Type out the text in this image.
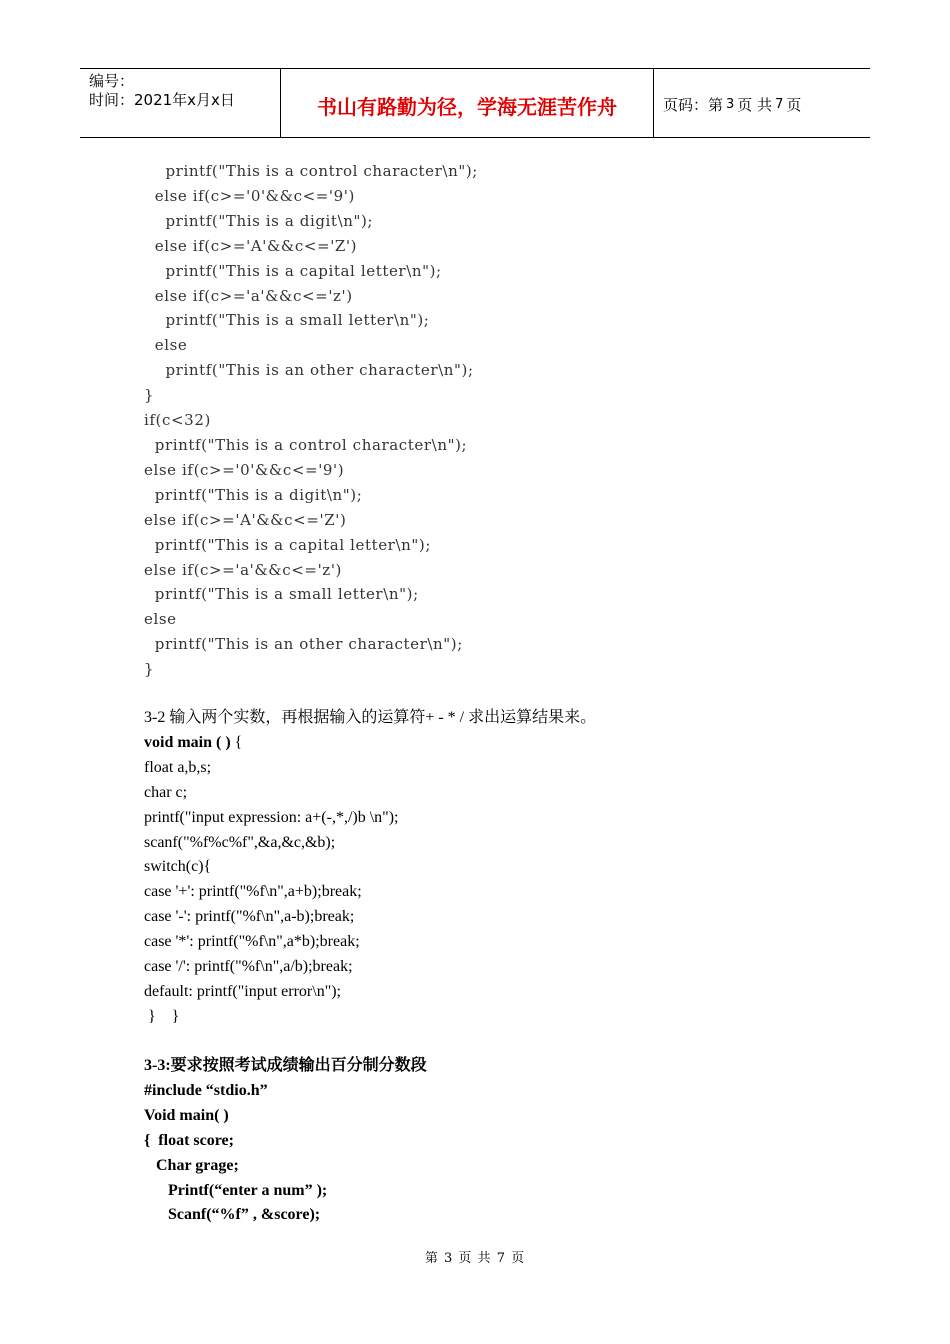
编号：
时间：2021年x月x日	书山有路勤为径，学海无涯苦作舟	页码：第 3 页 共 7 页
printf("This is a control character\n");
else if(c>='0'&&c<='9')
printf("This is a digit\n");
else if(c>='A'&&c<='Z')
printf("This is a capital letter\n");
else if(c>='a'&&c<='z')
printf("This is a small letter\n");
else
printf("This is an other character\n");
}
if(c<32)
printf("This is a control character\n");
else if(c>='0'&&c<='9')
printf("This is a digit\n");
else if(c>='A'&&c<='Z')
printf("This is a capital letter\n");
else if(c>='a'&&c<='z')
printf("This is a small letter\n");
else
printf("This is an other character\n");
}
3-2 输入两个实数，再根据输入的运算符+ - * / 求出运算结果来。
void main ( ) {
float a,b,s;
char c;
printf("input expression: a+(-,*,/)b \n");
scanf("%f%c%f",&a,&c,&b);
switch(c){
case '+': printf("%f\n",a+b);break;
case '-': printf("%f\n",a-b);break;
case '*': printf("%f\n",a*b);break;
case '/': printf("%f\n",a/b);break;
default: printf("input error\n");
}    }
3-3:要求按照考试成绩输出百分制分数段
#include “stdio.h”
Void main( )
{  float score;
Char grage;
Printf(“enter a num” );
Scanf(“%f” , &score);
第 3 页 共 7 页
